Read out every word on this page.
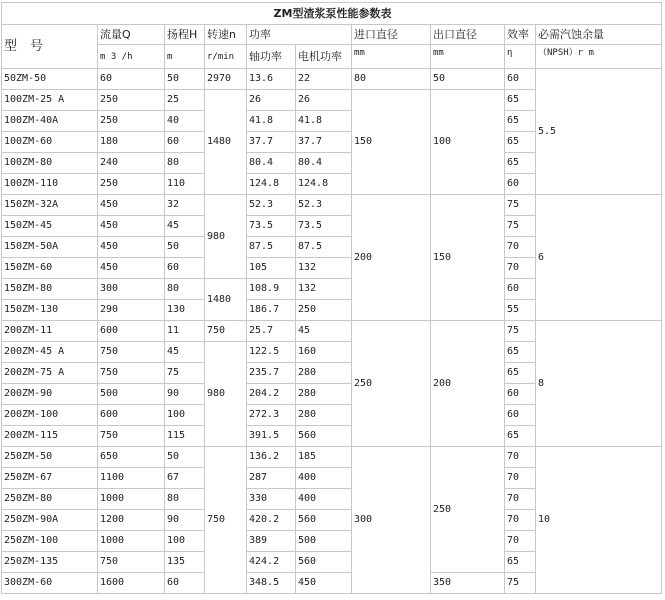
ZM型渣浆泵性能参数表									
型　号	流量Q	扬程H	转速n	功率		进口直径	出口直径	效率	必需汽蚀余量
	m 3 /h	m	r/min	轴功率	电机功率	mm	mm	η	（NPSH）r m
50ZM-50	60	50	2970	13.6	22	80	50	60	5.5
100ZM-25 A	250	25	1480	26	26	150	100	65	
100ZM-40A	250	40		41.8	41.8			65	
100ZM-60	180	60		37.7	37.7			65	
100ZM-80	240	80		80.4	80.4			65	
100ZM-110	250	110		124.8	124.8			60	
150ZM-32A	450	32	980	52.3	52.3	200	150	75	6
150ZM-45	450	45		73.5	73.5			75	
150ZM-50A	450	50		87.5	87.5			70	
150ZM-60	450	60		105	132			70	
150ZM-80	300	80	1480	108.9	132			60	
150ZM-130	290	130		186.7	250			55	
200ZM-11	600	11	750	25.7	45	250	200	75	8
200ZM-45 A	750	45	980	122.5	160			65	
200ZM-75 A	750	75		235.7	280			65	
200ZM-90	500	90		204.2	280			60	
200ZM-100	600	100		272.3	280			60	
200ZM-115	750	115		391.5	560			65	
250ZM-50	650	50	750	136.2	185	300	250	70	10
250ZM-67	1100	67		287	400			70	
250ZM-80	1000	80		330	400			70	
250ZM-90A	1200	90		420.2	560			70	
250ZM-100	1000	100		389	500			70	
250ZM-135	750	135		424.2	560			65	
300ZM-60	1600	60		348.5	450		350	75	
